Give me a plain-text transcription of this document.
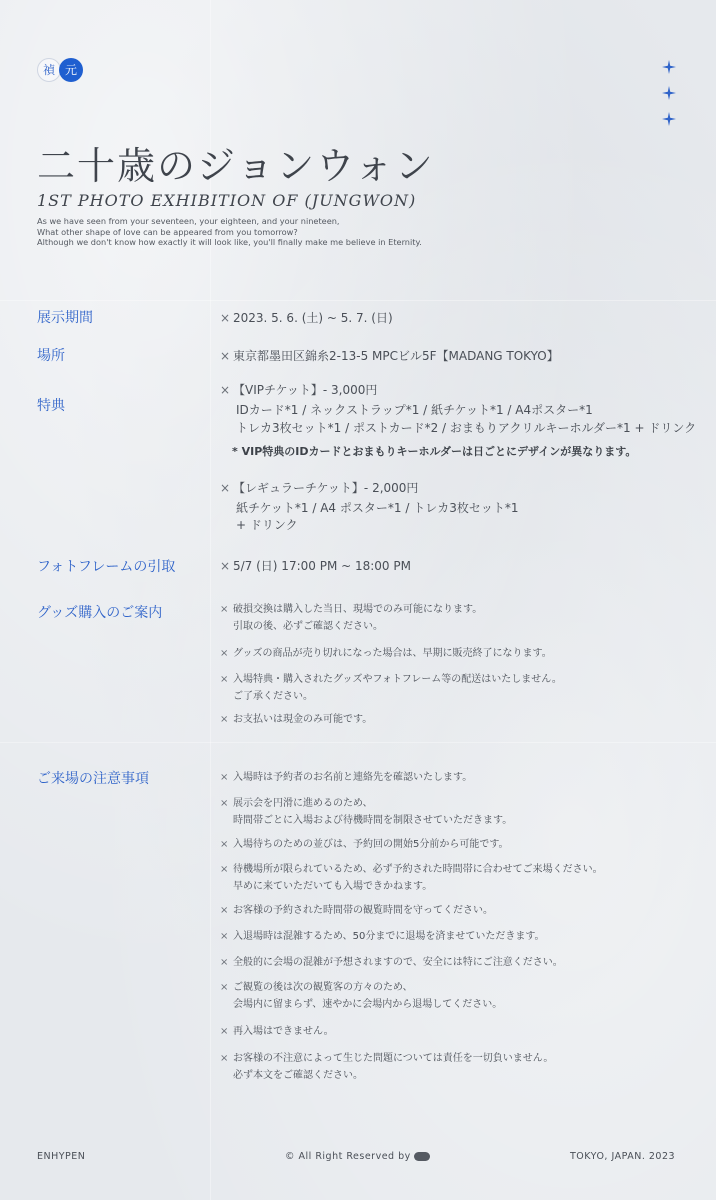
禎 元
二十歳のジョンウォン
1ST PHOTO EXHIBITION OF (JUNGWON)
As we have seen from your seventeen, your eighteen, and your nineteen,
What other shape of love can be appeared from you tomorrow?
Although we don't know how exactly it will look like, you'll finally make me believe in Eternity.
展示期間	× 2023. 5. 6. (土) ~ 5. 7. (日)
場所	× 東京都墨田区錦糸2-13-5 MPCビル5F【MADANG TOKYO】
特典
× 【VIPチケット】- 3,000円
IDカード*1 / ネックストラップ*1 / 紙チケット*1 / A4ポスター*1
トレカ3枚セット*1 / ポストカード*2 / おまもりアクリルキーホルダー*1 + ドリンク
* VIP特典のIDカードとおまもりキーホルダーは日ごとにデザインが異なります。
× 【レギュラーチケット】- 2,000円
紙チケット*1 / A4 ポスター*1 / トレカ3枚セット*1
+ ドリンク
フォトフレームの引取	× 5/7 (日) 17:00 PM ~ 18:00 PM
グッズ購入のご案内	× 破損交換は購入した当日、現場でのみ可能になります。
引取の後、必ずご確認ください。
× グッズの商品が売り切れになった場合は、早期に販売終了になります。
× 入場特典・購入されたグッズやフォトフレーム等の配送はいたしません。
ご了承ください。
× お支払いは現金のみ可能です。
ご来場の注意事項	× 入場時は予約者のお名前と連絡先を確認いたします。
× 展示会を円滑に進めるのため、
時間帯ごとに入場および待機時間を制限させていただきます。
× 入場待ちのための並びは、予約回の開始5分前から可能です。
× 待機場所が限られているため、必ず予約された時間帯に合わせてご来場ください。
早めに来ていただいても入場できかねます。
× お客様の予約された時間帯の観覧時間を守ってください。
× 入退場時は混雑するため、50分までに退場を済ませていただきます。
× 全般的に会場の混雑が予想されますので、安全には特にご注意ください。
× ご観覧の後は次の観覧客の方々のため、
会場内に留まらず、速やかに会場内から退場してください。
× 再入場はできません。
× お客様の不注意によって生じた問題については責任を一切負いません。
必ず本文をご確認ください。
ENHYPEN	© All Right Reserved by	TOKYO, JAPAN. 2023
